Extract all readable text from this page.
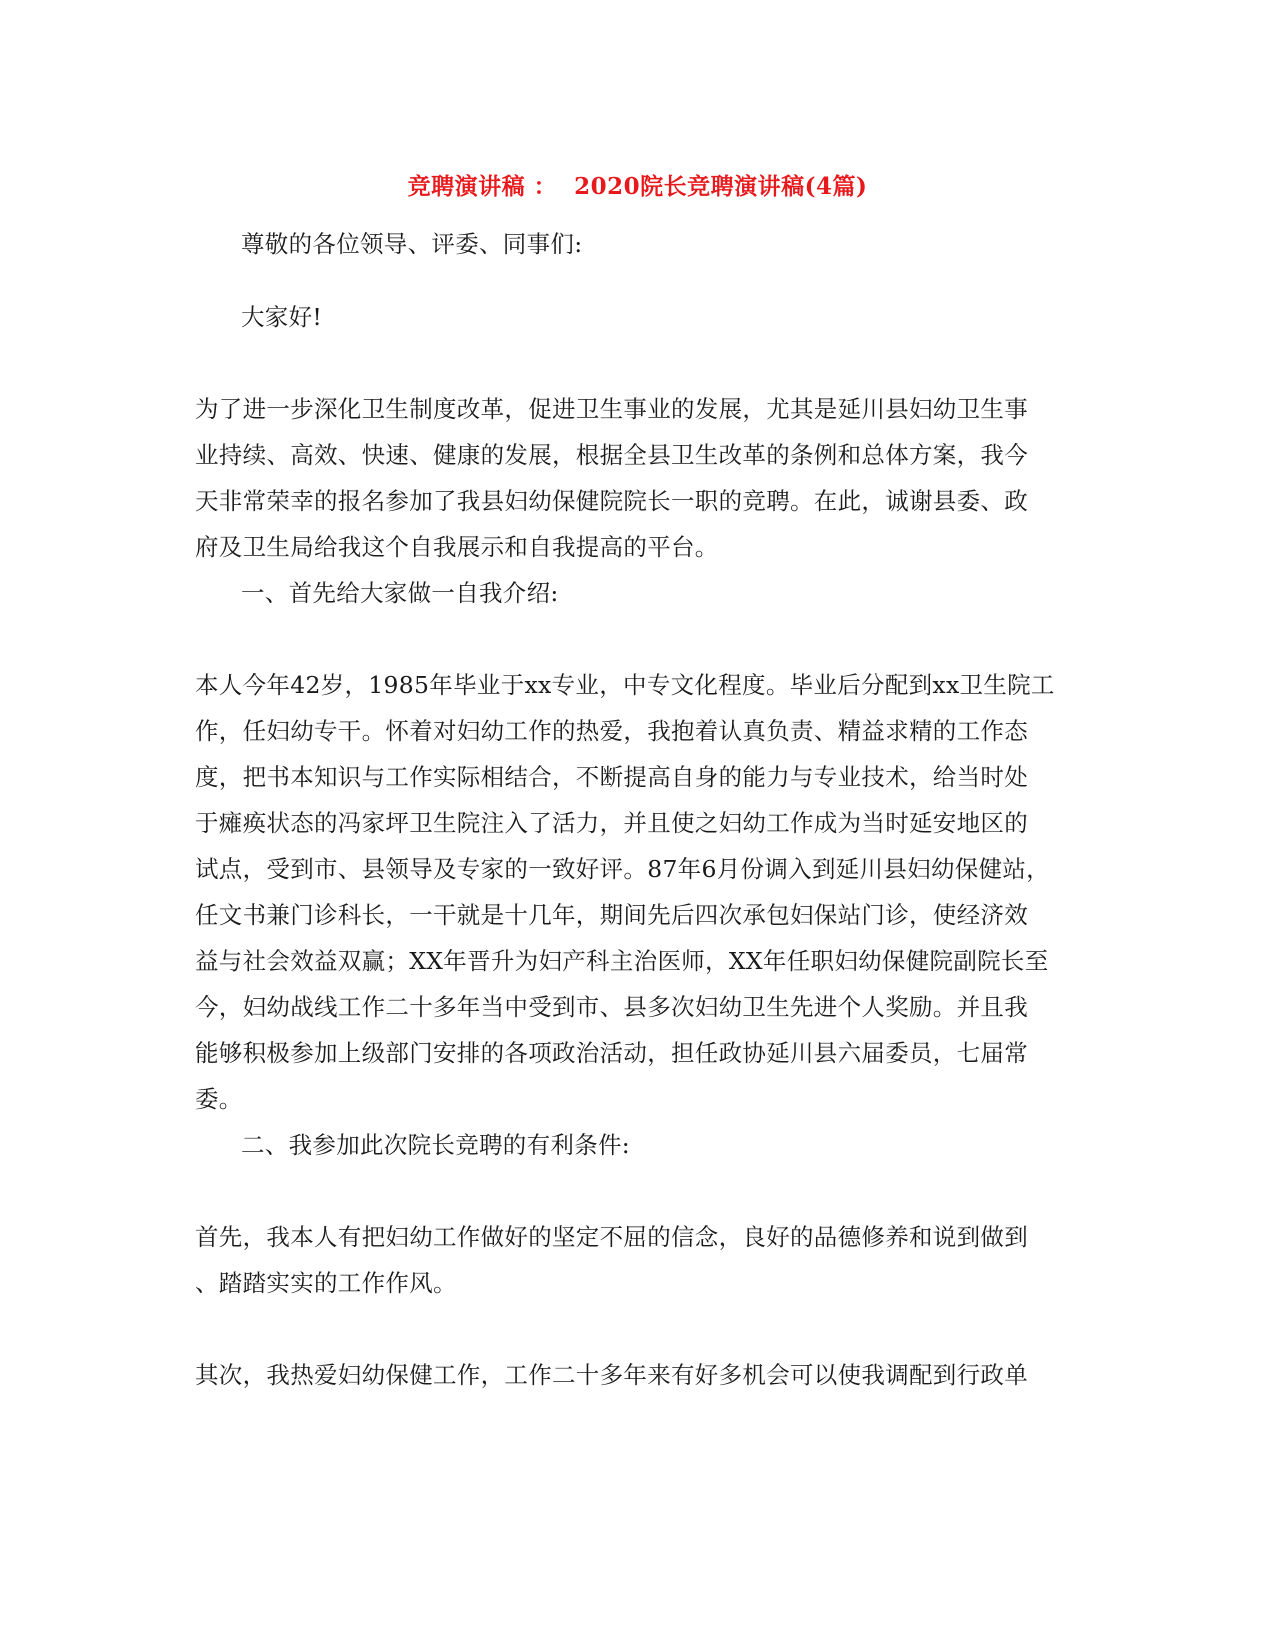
竞聘演讲稿 ：  2020院长竞聘演讲稿(4篇)
尊敬的各位领导、评委、同事们:
大家好!
为了进一步深化卫生制度改革，促进卫生事业的发展，尤其是延川县妇幼卫生事
业持续、高效、快速、健康的发展，根据全县卫生改革的条例和总体方案，我今
天非常荣幸的报名参加了我县妇幼保健院院长一职的竞聘。在此，诚谢县委、政
府及卫生局给我这个自我展示和自我提高的平台。
一、首先给大家做一自我介绍:
本人今年42岁，1985年毕业于xx专业，中专文化程度。毕业后分配到xx卫生院工
作，任妇幼专干。怀着对妇幼工作的热爱，我抱着认真负责、精益求精的工作态
度，把书本知识与工作实际相结合，不断提高自身的能力与专业技术，给当时处
于瘫痪状态的冯家坪卫生院注入了活力，并且使之妇幼工作成为当时延安地区的
试点，受到市、县领导及专家的一致好评。87年6月份调入到延川县妇幼保健站，
任文书兼门诊科长，一干就是十几年，期间先后四次承包妇保站门诊，使经济效
益与社会效益双赢；XX年晋升为妇产科主治医师，XX年任职妇幼保健院副院长至
今，妇幼战线工作二十多年当中受到市、县多次妇幼卫生先进个人奖励。并且我
能够积极参加上级部门安排的各项政治活动，担任政协延川县六届委员，七届常
委。
二、我参加此次院长竞聘的有利条件:
首先，我本人有把妇幼工作做好的坚定不屈的信念，良好的品德修养和说到做到
、踏踏实实的工作作风。
其次，我热爱妇幼保健工作，工作二十多年来有好多机会可以使我调配到行政单
